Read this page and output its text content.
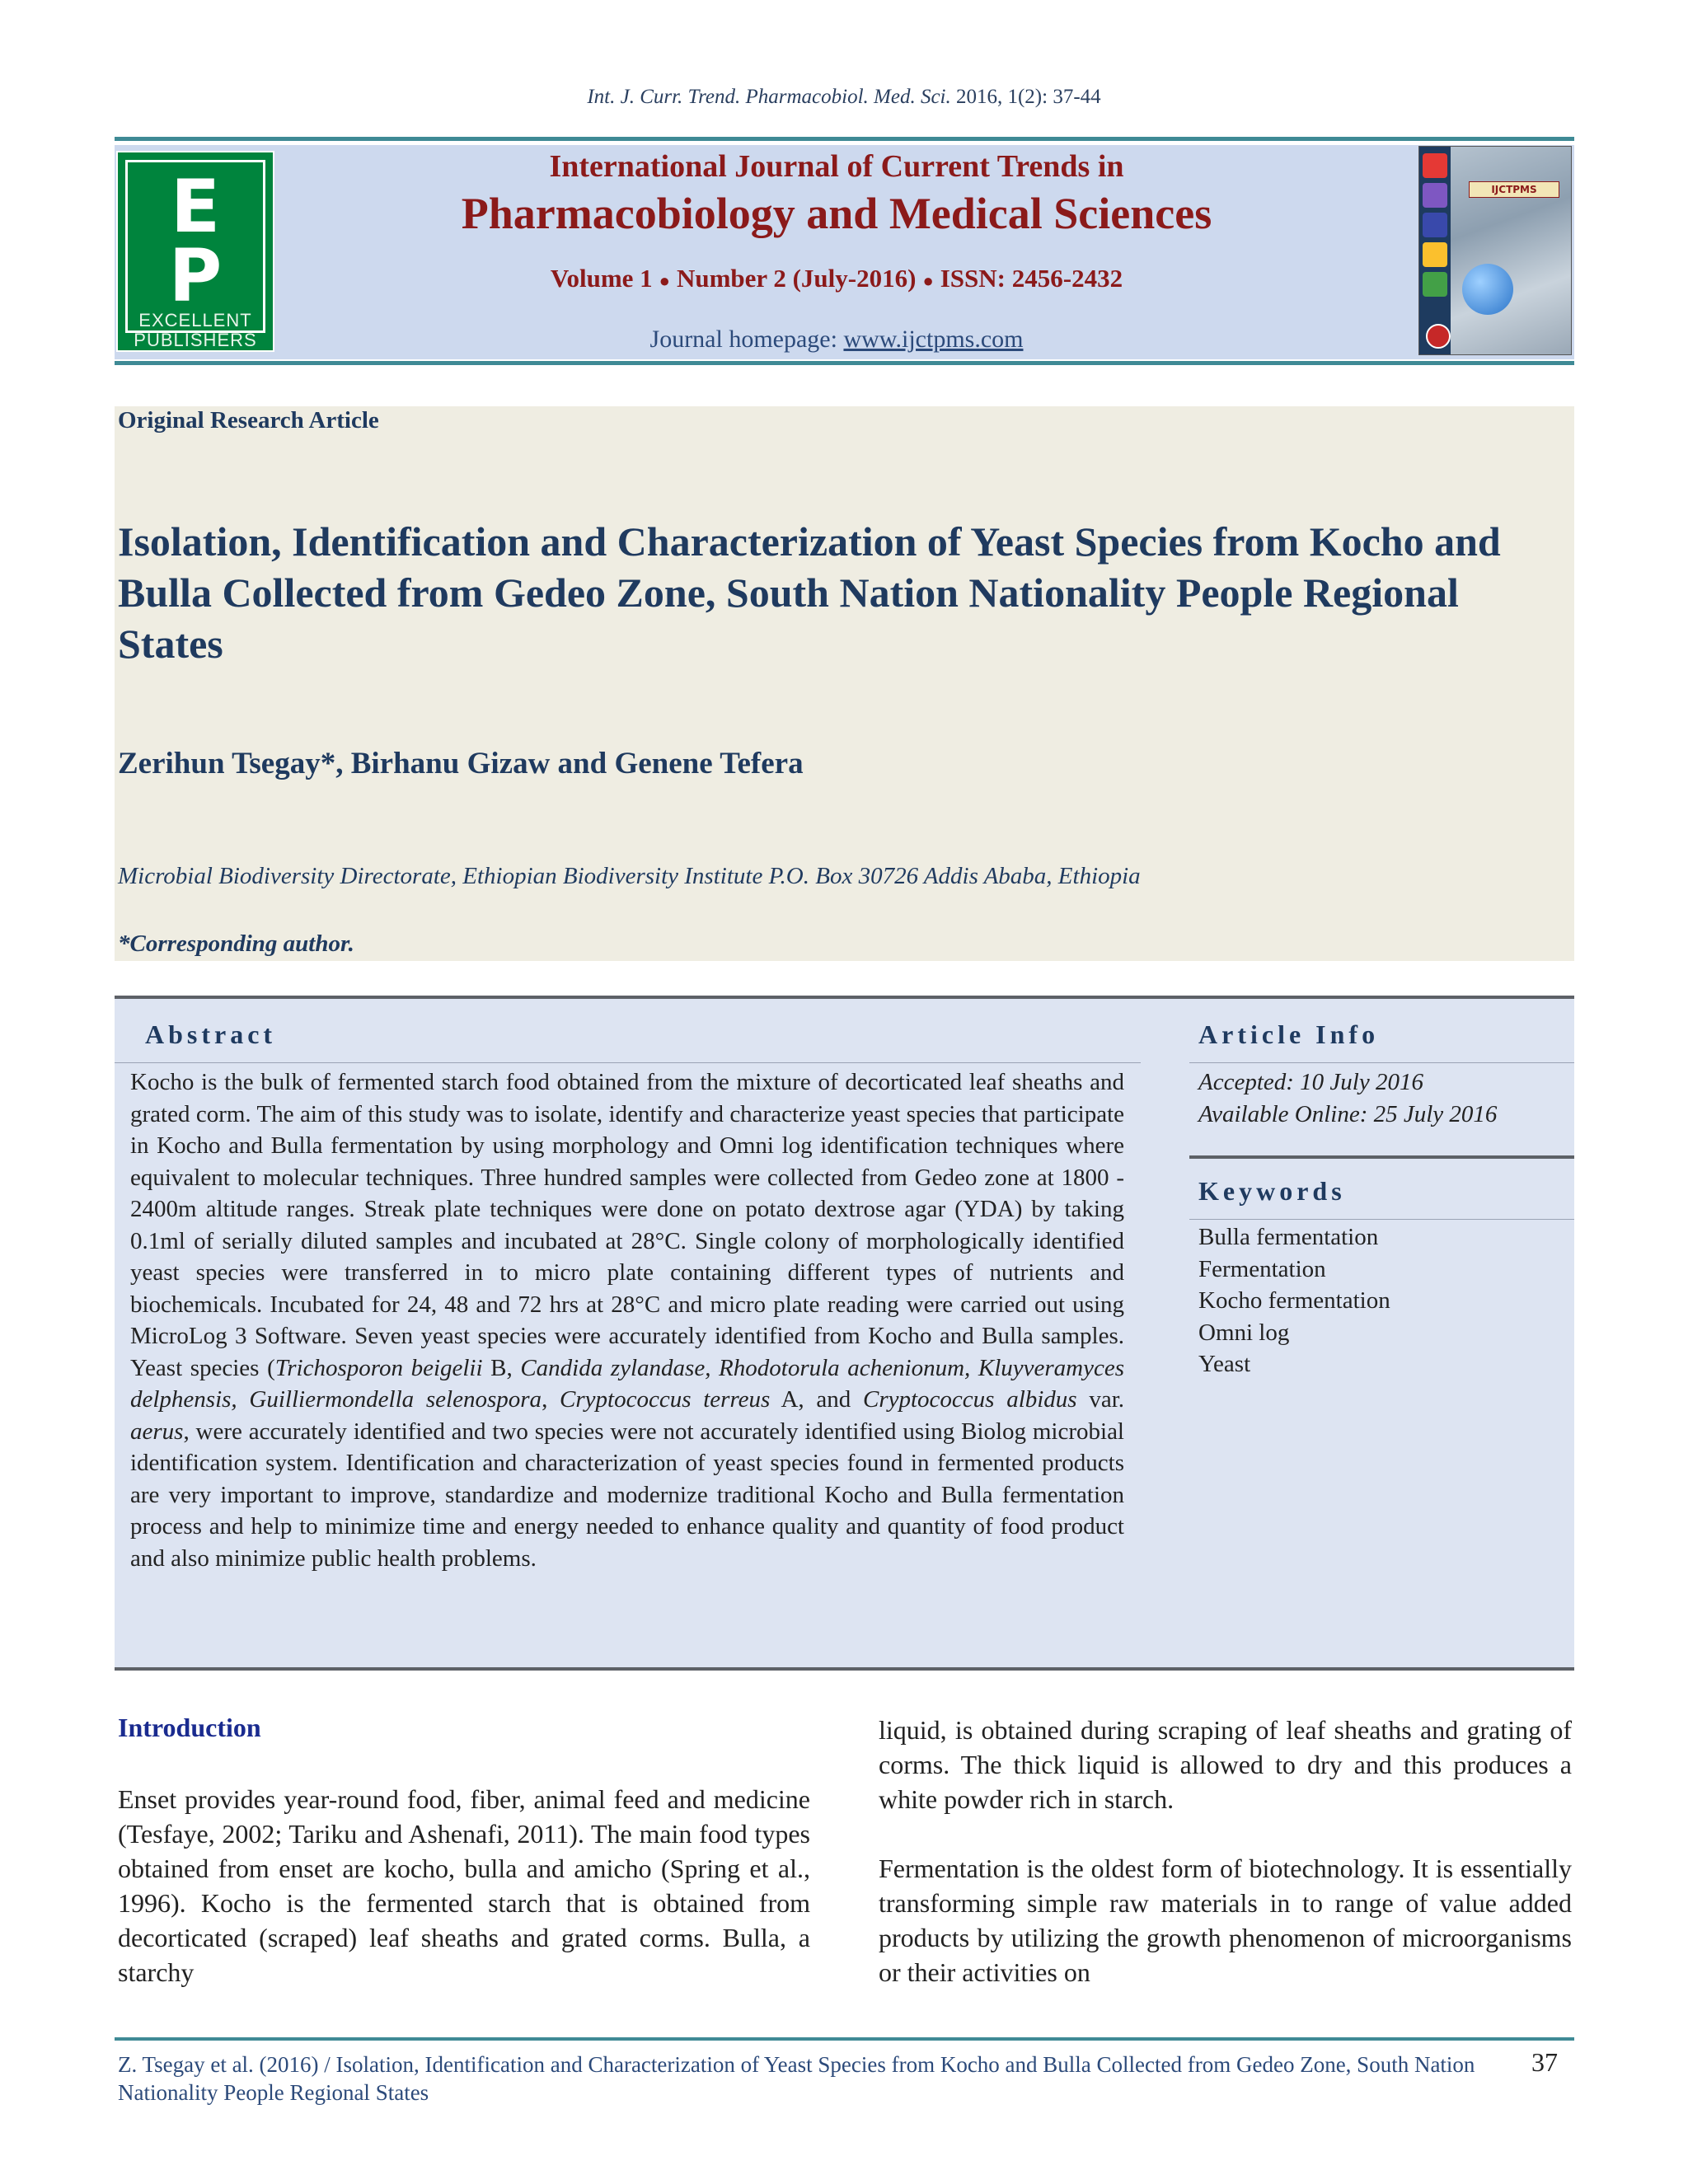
Int. J. Curr. Trend. Pharmacobiol. Med. Sci. 2016, 1(2): 37-44
E
P
EXCELLENT
PUBLISHERS
International Journal of Current Trends in
Pharmacobiology and Medical Sciences
Volume 1 ● Number 2 (July-2016) ● ISSN: 2456-2432
Journal homepage: www.ijctpms.com
IJCTPMS
Original Research Article
Isolation, Identification and Characterization of Yeast Species from Kocho and Bulla Collected from Gedeo Zone, South Nation Nationality People Regional States
Zerihun Tsegay*, Birhanu Gizaw and Genene Tefera
Microbial Biodiversity Directorate, Ethiopian Biodiversity Institute P.O. Box 30726 Addis Ababa, Ethiopia
*Corresponding author.
Abstract
Kocho is the bulk of fermented starch food obtained from the mixture of decorticated leaf sheaths and grated corm. The aim of this study was to isolate, identify and characterize yeast species that participate in Kocho and Bulla fermentation by using morphology and Omni log identification techniques where equivalent to molecular techniques. Three hundred samples were collected from Gedeo zone at 1800 - 2400m altitude ranges. Streak plate techniques were done on potato dextrose agar (YDA) by taking 0.1ml of serially diluted samples and incubated at 28°C. Single colony of morphologically identified yeast species were transferred in to micro plate containing different types of nutrients and biochemicals. Incubated for 24, 48 and 72 hrs at 28°C and micro plate reading were carried out using MicroLog 3 Software. Seven yeast species were accurately identified from Kocho and Bulla samples. Yeast species (Trichosporon beigelii B, Candida zylandase, Rhodotorula achenionum, Kluyveramyces delphensis, Guilliermondella selenospora, Cryptococcus terreus A, and Cryptococcus albidus var. aerus, were accurately identified and two species were not accurately identified using Biolog microbial identification system. Identification and characterization of yeast species found in fermented products are very important to improve, standardize and modernize traditional Kocho and Bulla fermentation process and help to minimize time and energy needed to enhance quality and quantity of food product and also minimize public health problems.
Article Info
Accepted: 10 July 2016
Available Online: 25 July 2016
Keywords
Bulla fermentation
Fermentation
Kocho fermentation
Omni log
Yeast
Introduction
Enset provides year-round food, fiber, animal feed and medicine (Tesfaye, 2002; Tariku and Ashenafi, 2011). The main food types obtained from enset are kocho, bulla and amicho (Spring et al., 1996). Kocho is the fermented starch that is obtained from decorticated (scraped) leaf sheaths and grated corms. Bulla, a starchy
liquid, is obtained during scraping of leaf sheaths and grating of corms. The thick liquid is allowed to dry and this produces a white powder rich in starch.
Fermentation is the oldest form of biotechnology. It is essentially transforming simple raw materials in to range of value added products by utilizing the growth phenomenon of microorganisms or their activities on
Z. Tsegay et al. (2016) / Isolation, Identification and Characterization of Yeast Species from Kocho and Bulla Collected from Gedeo Zone, South Nation Nationality People Regional States
37
